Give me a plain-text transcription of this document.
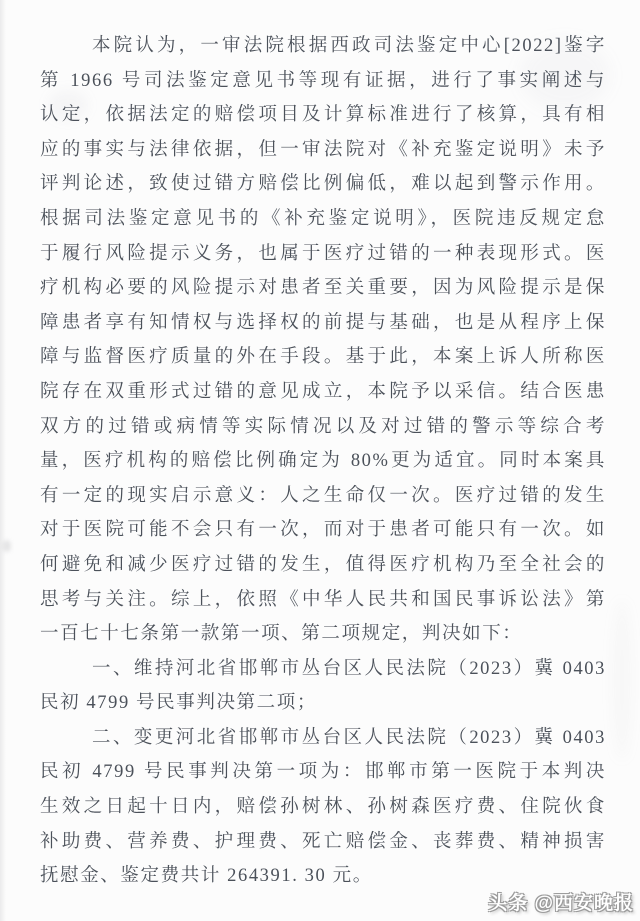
本院认为，一审法院根据西政司法鉴定中心[2022]鉴字
第 1966 号司法鉴定意见书等现有证据，进行了事实阐述与
认定，依据法定的赔偿项目及计算标准进行了核算，具有相
应的事实与法律依据，但一审法院对《补充鉴定说明》未予
评判论述，致使过错方赔偿比例偏低，难以起到警示作用。
根据司法鉴定意见书的《补充鉴定说明》，医院违反规定怠
于履行风险提示义务，也属于医疗过错的一种表现形式。医
疗机构必要的风险提示对患者至关重要，因为风险提示是保
障患者享有知情权与选择权的前提与基础，也是从程序上保
障与监督医疗质量的外在手段。基于此，本案上诉人所称医
院存在双重形式过错的意见成立，本院予以采信。结合医患
双方的过错或病情等实际情况以及对过错的警示等综合考
量，医疗机构的赔偿比例确定为 80%更为适宜。同时本案具
有一定的现实启示意义：人之生命仅一次。医疗过错的发生
对于医院可能不会只有一次，而对于患者可能只有一次。如
何避免和减少医疗过错的发生，值得医疗机构乃至全社会的
思考与关注。综上，依照《中华人民共和国民事诉讼法》第
一百七十七条第一款第一项、第二项规定，判决如下：
一、维持河北省邯郸市丛台区人民法院（2023）冀 0403
民初 4799 号民事判决第二项；
二、变更河北省邯郸市丛台区人民法院（2023）冀 0403
民初 4799 号民事判决第一项为：邯郸市第一医院于本判决
生效之日起十日内，赔偿孙树林、孙树森医疗费、住院伙食
补助费、营养费、护理费、死亡赔偿金、丧葬费、精神损害
抚慰金、鉴定费共计 264391. 30 元。
头条 @西安晚报
